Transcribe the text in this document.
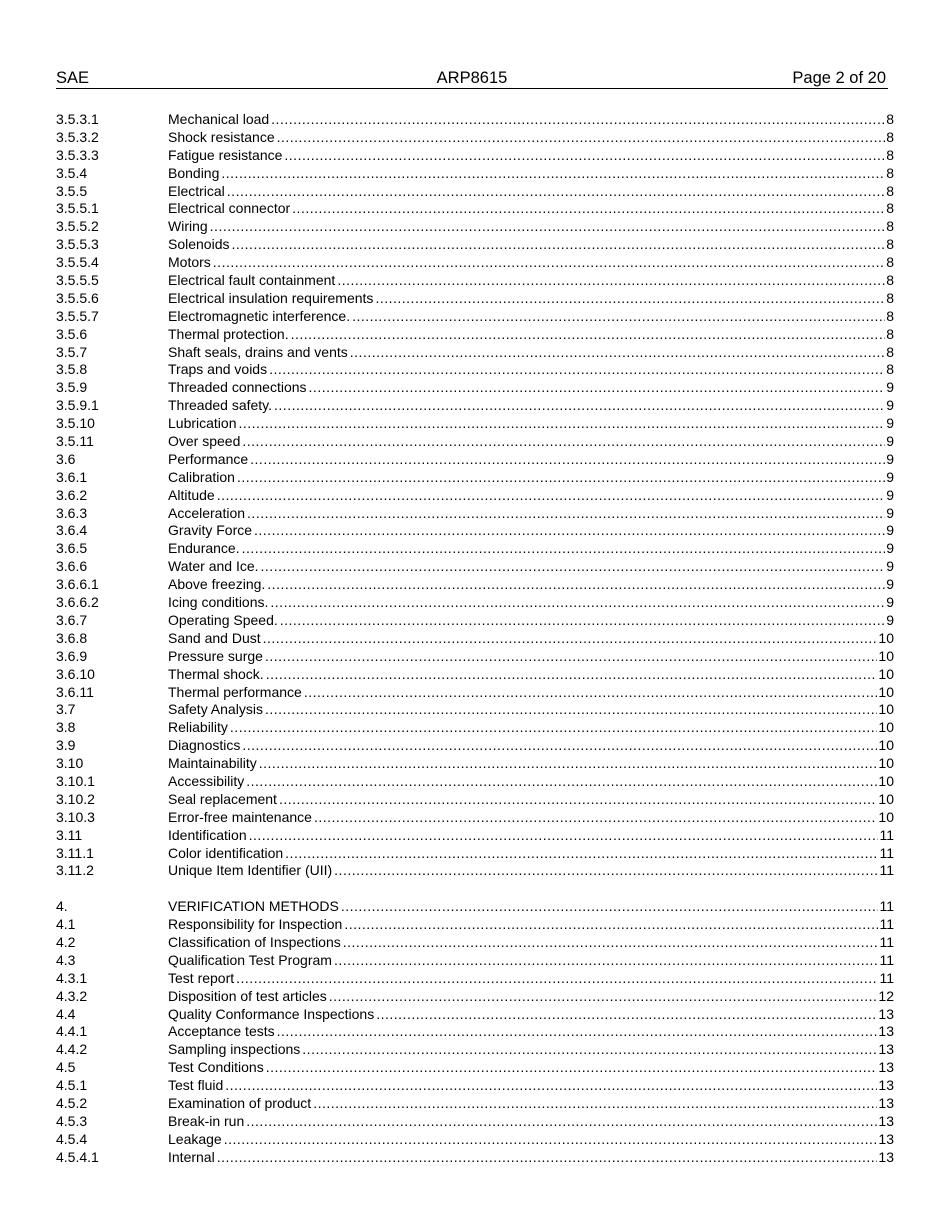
ARP8615
SAE	Page 2 of 20
3.5.3.1	Mechanical load .....	8
3.5.3.2	Shock resistance .....	8
3.5.3.3	Fatigue resistance .....	8
3.5.4	Bonding .....	8
3.5.5	Electrical .....	8
3.5.5.1	Electrical connector .....	8
3.5.5.2	Wiring .....	8
3.5.5.3	Solenoids .....	8
3.5.5.4	Motors .....	8
3.5.5.5	Electrical fault containment .....	8
3.5.5.6	Electrical insulation requirements .....	8
3.5.5.7	Electromagnetic interference. .....	8
3.5.6	Thermal protection. .....	8
3.5.7	Shaft seals, drains and vents .....	8
3.5.8	Traps and voids .....	8
3.5.9	Threaded connections .....	9
3.5.9.1	Threaded safety. .....	9
3.5.10	Lubrication .....	9
3.5.11	Over speed .....	9
3.6	Performance .....	9
3.6.1	Calibration .....	9
3.6.2	Altitude .....	9
3.6.3	Acceleration .....	9
3.6.4	Gravity Force .....	9
3.6.5	Endurance. .....	9
3.6.6	Water and Ice. .....	9
3.6.6.1	Above freezing. .....	9
3.6.6.2	Icing conditions. .....	9
3.6.7	Operating Speed. .....	9
3.6.8	Sand and Dust .....	10
3.6.9	Pressure surge .....	10
3.6.10	Thermal shock. .....	10
3.6.11	Thermal performance .....	10
3.7	Safety Analysis .....	10
3.8	Reliability .....	10
3.9	Diagnostics .....	10
3.10	Maintainability .....	10
3.10.1	Accessibility .....	10
3.10.2	Seal replacement .....	10
3.10.3	Error-free maintenance .....	10
3.11	Identification .....	11
3.11.1	Color identification .....	11
3.11.2	Unique Item Identifier (UII) .....	11
4.	VERIFICATION METHODS .....	11
4.1	Responsibility for Inspection .....	11
4.2	Classification of Inspections .....	11
4.3	Qualification Test Program .....	11
4.3.1	Test report .....	11
4.3.2	Disposition of test articles .....	12
4.4	Quality Conformance Inspections .....	13
4.4.1	Acceptance tests .....	13
4.4.2	Sampling inspections .....	13
4.5	Test Conditions .....	13
4.5.1	Test fluid .....	13
4.5.2	Examination of product .....	13
4.5.3	Break-in run .....	13
4.5.4	Leakage .....	13
4.5.4.1	Internal .....	13
